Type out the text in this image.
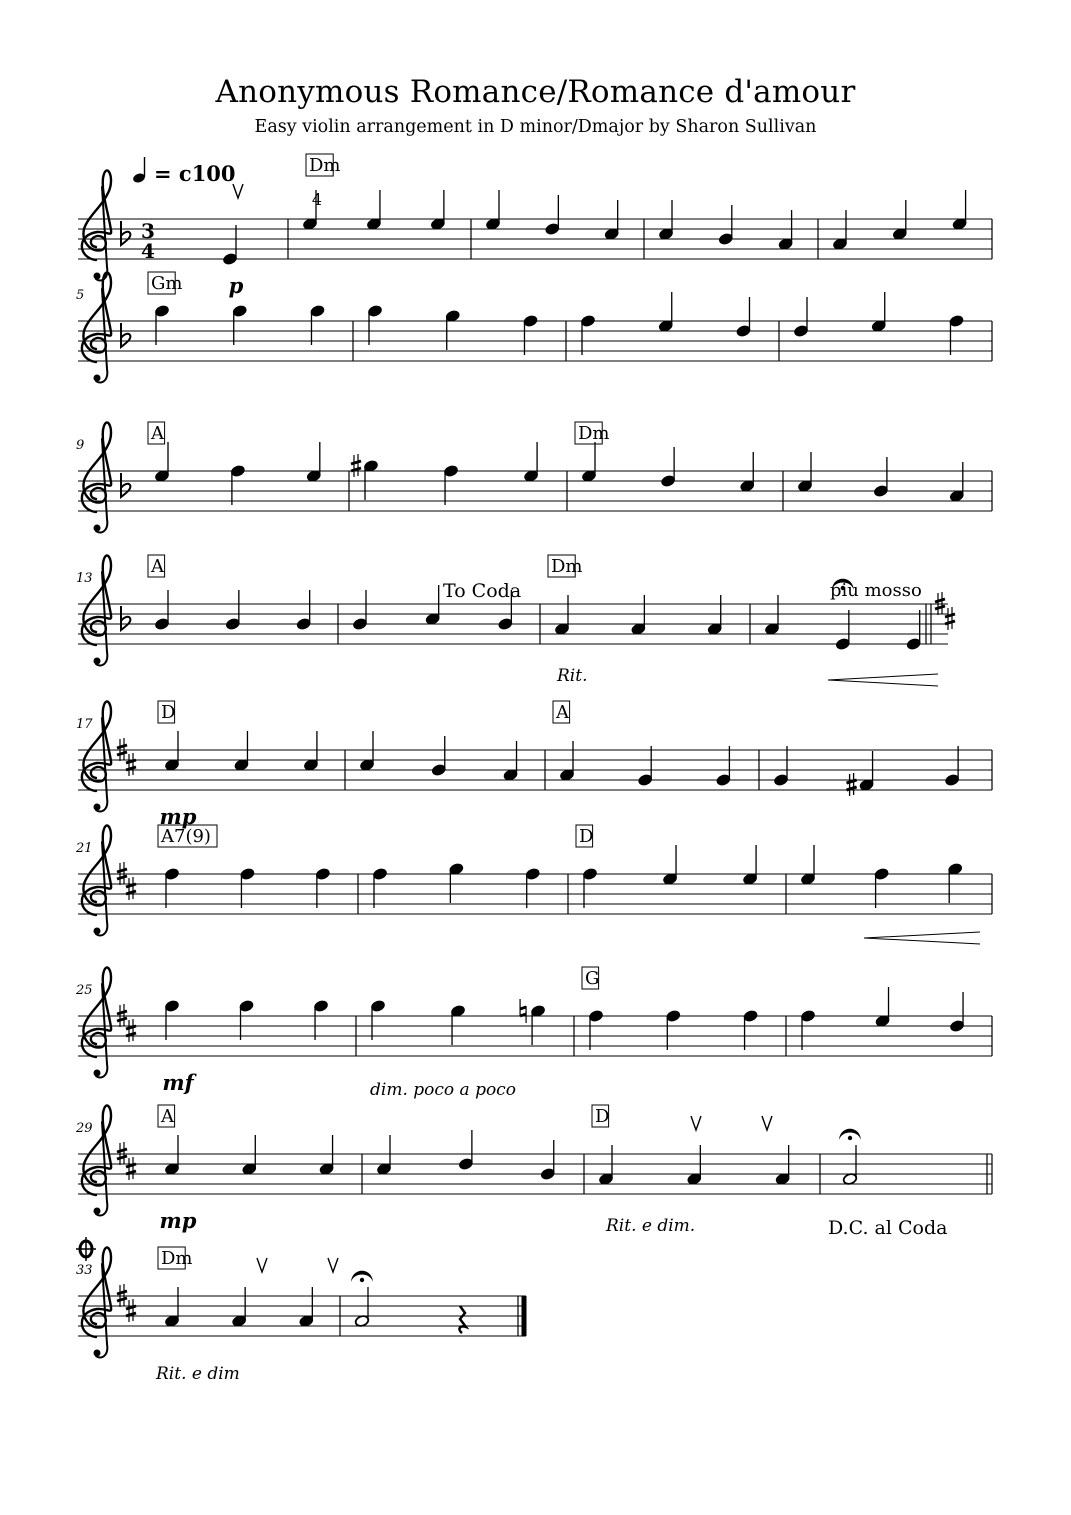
Anonymous Romance/Romance d'amour
Easy violin arrangement in D minor/Dmajor by Sharon Sullivan
3
4
p
4
Dm
5
Gm
9
A	Dm
13
A	Dm
To Coda
Rit.
piu mosso
17
mp
D	A
21
A7(9)	D
25
mf
G
dim. poco a poco
29
mp
A	D
Rit. e dim.	D.C. al Coda
33
Dm
Rit. e dim
= c100
